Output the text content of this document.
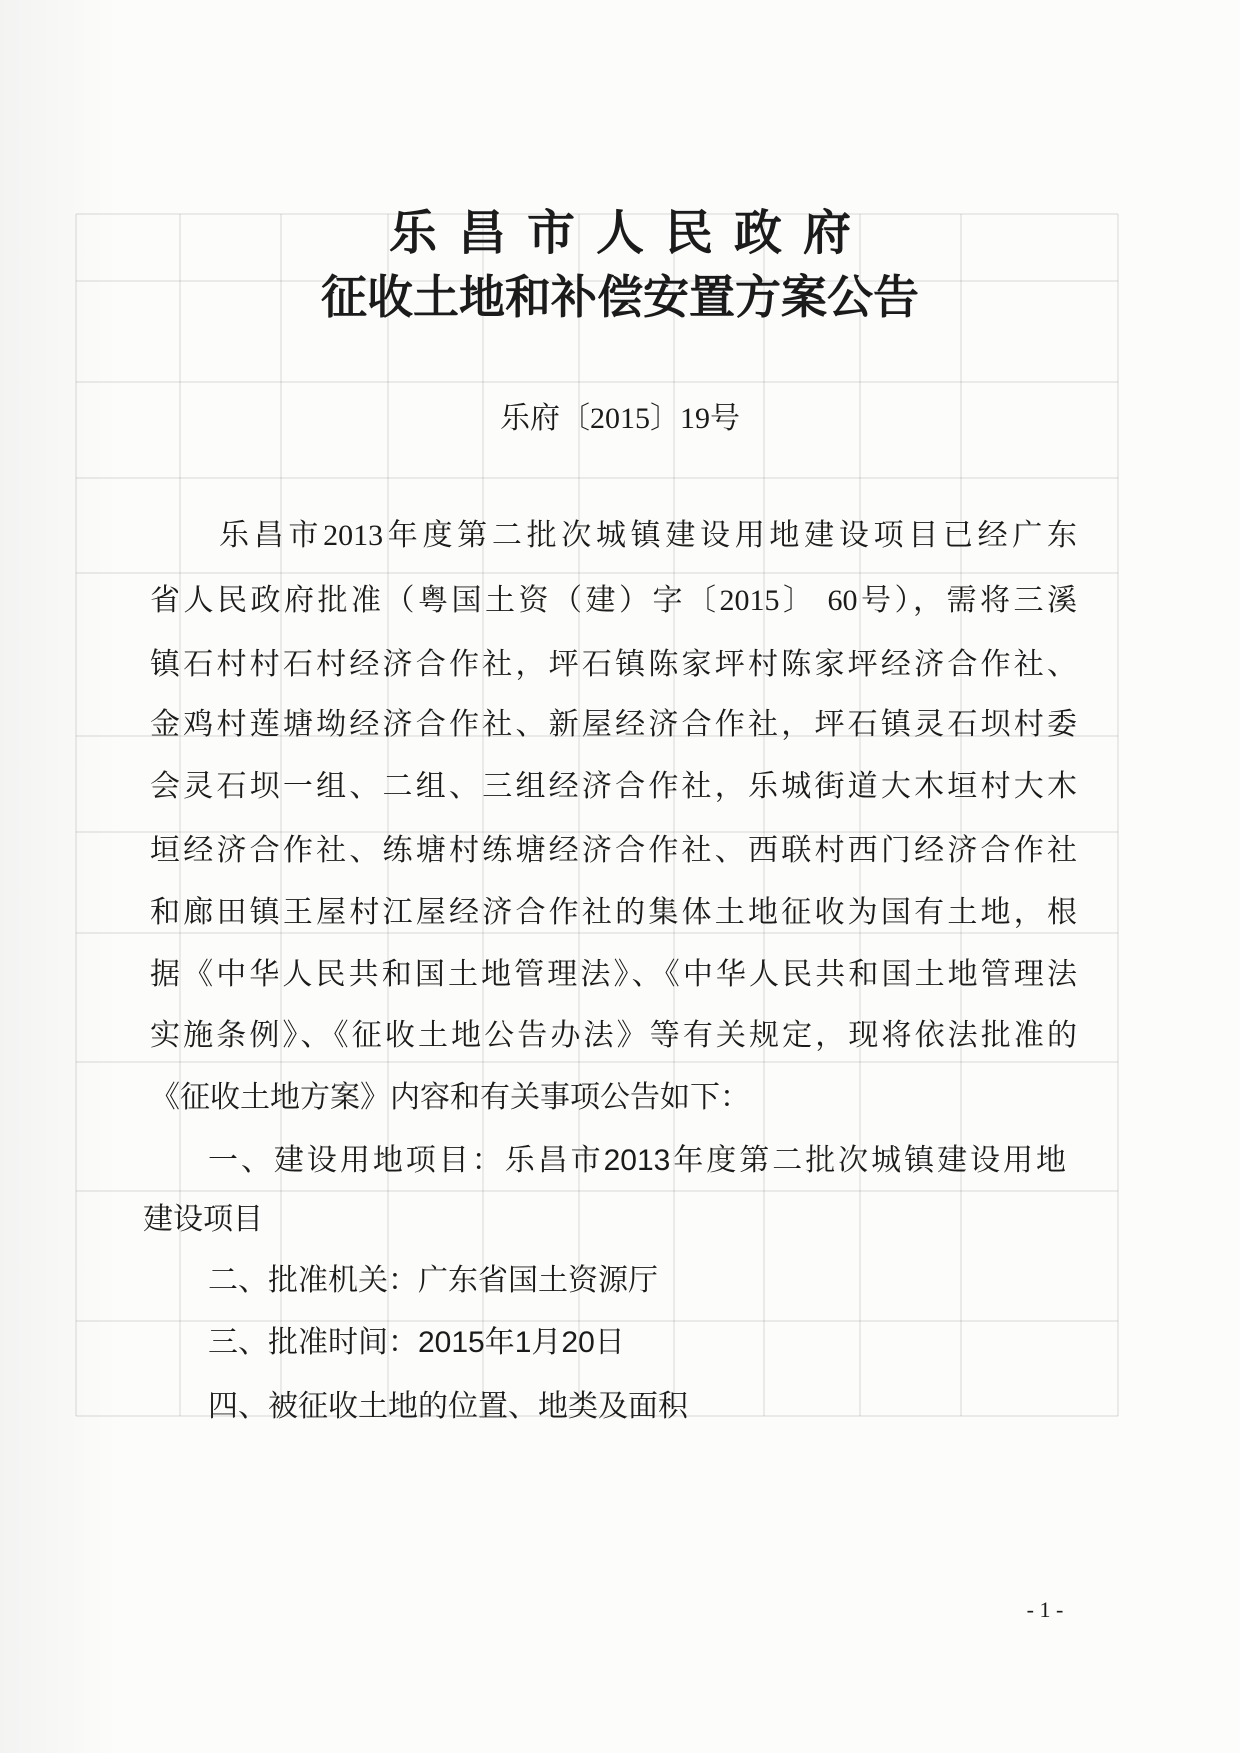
乐昌市人民政府
征收土地和补偿安置方案公告
乐府〔2015〕19号
乐昌市2013年度第二批次城镇建设用地建设项目已经广东
省人民政府批准（粤国土资（建）字〔2015〕 60号），需将三溪
镇石村村石村经济合作社，坪石镇陈家坪村陈家坪经济合作社、
金鸡村莲塘坳经济合作社、新屋经济合作社，坪石镇灵石坝村委
会灵石坝一组、二组、三组经济合作社，乐城街道大木垣村大木
垣经济合作社、练塘村练塘经济合作社、西联村西门经济合作社
和廊田镇王屋村江屋经济合作社的集体土地征收为国有土地，根
据《中华人民共和国土地管理法》、《中华人民共和国土地管理法
实施条例》、《征收土地公告办法》等有关规定，现将依法批准的
《征收土地方案》内容和有关事项公告如下：
一、建设用地项目：乐昌市2013年度第二批次城镇建设用地
建设项目
二、批准机关：广东省国土资源厅
三、批准时间：2015年1月20日
四、被征收土地的位置、地类及面积
- 1 -
